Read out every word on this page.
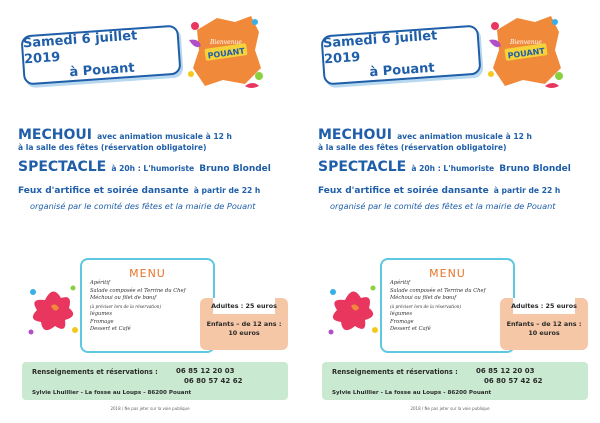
Samedi 6 juillet 2019
à Pouant
Bienvenue
POUANT
MECHOUI avec animation musicale à 12 h
à la salle des fêtes (réservation obligatoire)
SPECTACLE à 20h : L'humoriste Bruno Blondel
Feux d'artifice et soirée dansante à partir de 22 h
organisé par le comité des fêtes et la mairie de Pouant
MENU
Apéritif
Salade composée et Terrine du Chef
Méchoui ou filet de bœuf
(à préciser lors de la réservation)
légumes
Fromage
Dessert et Café
Adultes : 25 euros
Enfants – de 12 ans :
10 euros
Renseignements et réservations :	06 85 12 20 03
06 80 57 42 62
Sylvie Lhuillier - La fosse au Loups - 86200 Pouant
2018 / Ne pas jeter sur la voie publique
Samedi 6 juillet 2019
à Pouant
Bienvenue
POUANT
MECHOUI avec animation musicale à 12 h
à la salle des fêtes (réservation obligatoire)
SPECTACLE à 20h : L'humoriste Bruno Blondel
Feux d'artifice et soirée dansante à partir de 22 h
organisé par le comité des fêtes et la mairie de Pouant
MENU
Apéritif
Salade composée et Terrine du Chef
Méchoui ou filet de bœuf
(à préciser lors de la réservation)
légumes
Fromage
Dessert et Café
Adultes : 25 euros
Enfants – de 12 ans :
10 euros
Renseignements et réservations :	06 85 12 20 03
06 80 57 42 62
Sylvie Lhuillier - La fosse au Loups - 86200 Pouant
2018 / Ne pas jeter sur la voie publique
